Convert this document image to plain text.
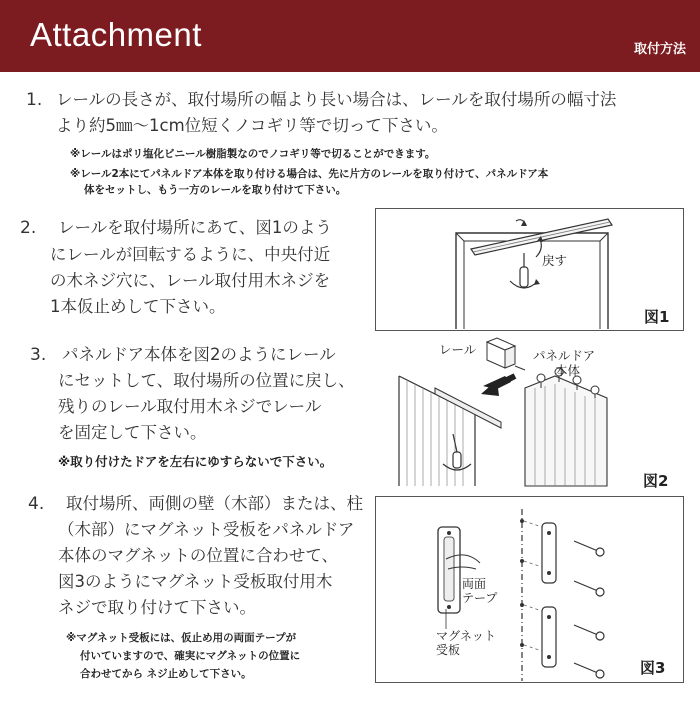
Attachment	取付方法
1. レールの長さが、取付場所の幅より長い場合は、レールを取付場所の幅寸法
より約5㎜～1cm位短くノコギリ等で切って下さい。
※レールはポリ塩化ビニール樹脂製なのでノコギリ等で切ることができます。
※レール2本にてパネルドア本体を取り付ける場合は、先に片方のレールを取り付けて、パネルドア本
体をセットし、もう一方のレールを取り付けて下さい。
2. レールを取付場所にあて、図1のよう
にレールが回転するように、中央付近
の木ネジ穴に、レール取付用木ネジを
1本仮止めして下さい。
戻す
図1
3. パネルドア本体を図2のようにレール
にセットして、取付場所の位置に戻し、
残りのレール取付用木ネジでレール
を固定して下さい。
※取り付けたドアを左右にゆすらないで下さい。
レール	パネルドア
本体
図2
4. 取付場所、両側の壁（木部）または、柱
（木部）にマグネット受板をパネルドア
本体のマグネットの位置に合わせて、
図3のようにマグネット受板取付用木
ネジで取り付けて下さい。
※マグネット受板には、仮止め用の両面テープが
付いていますので、確実にマグネットの位置に
合わせてから ネジ止めして下さい。
両面
テープ
マグネット
受板
図3
